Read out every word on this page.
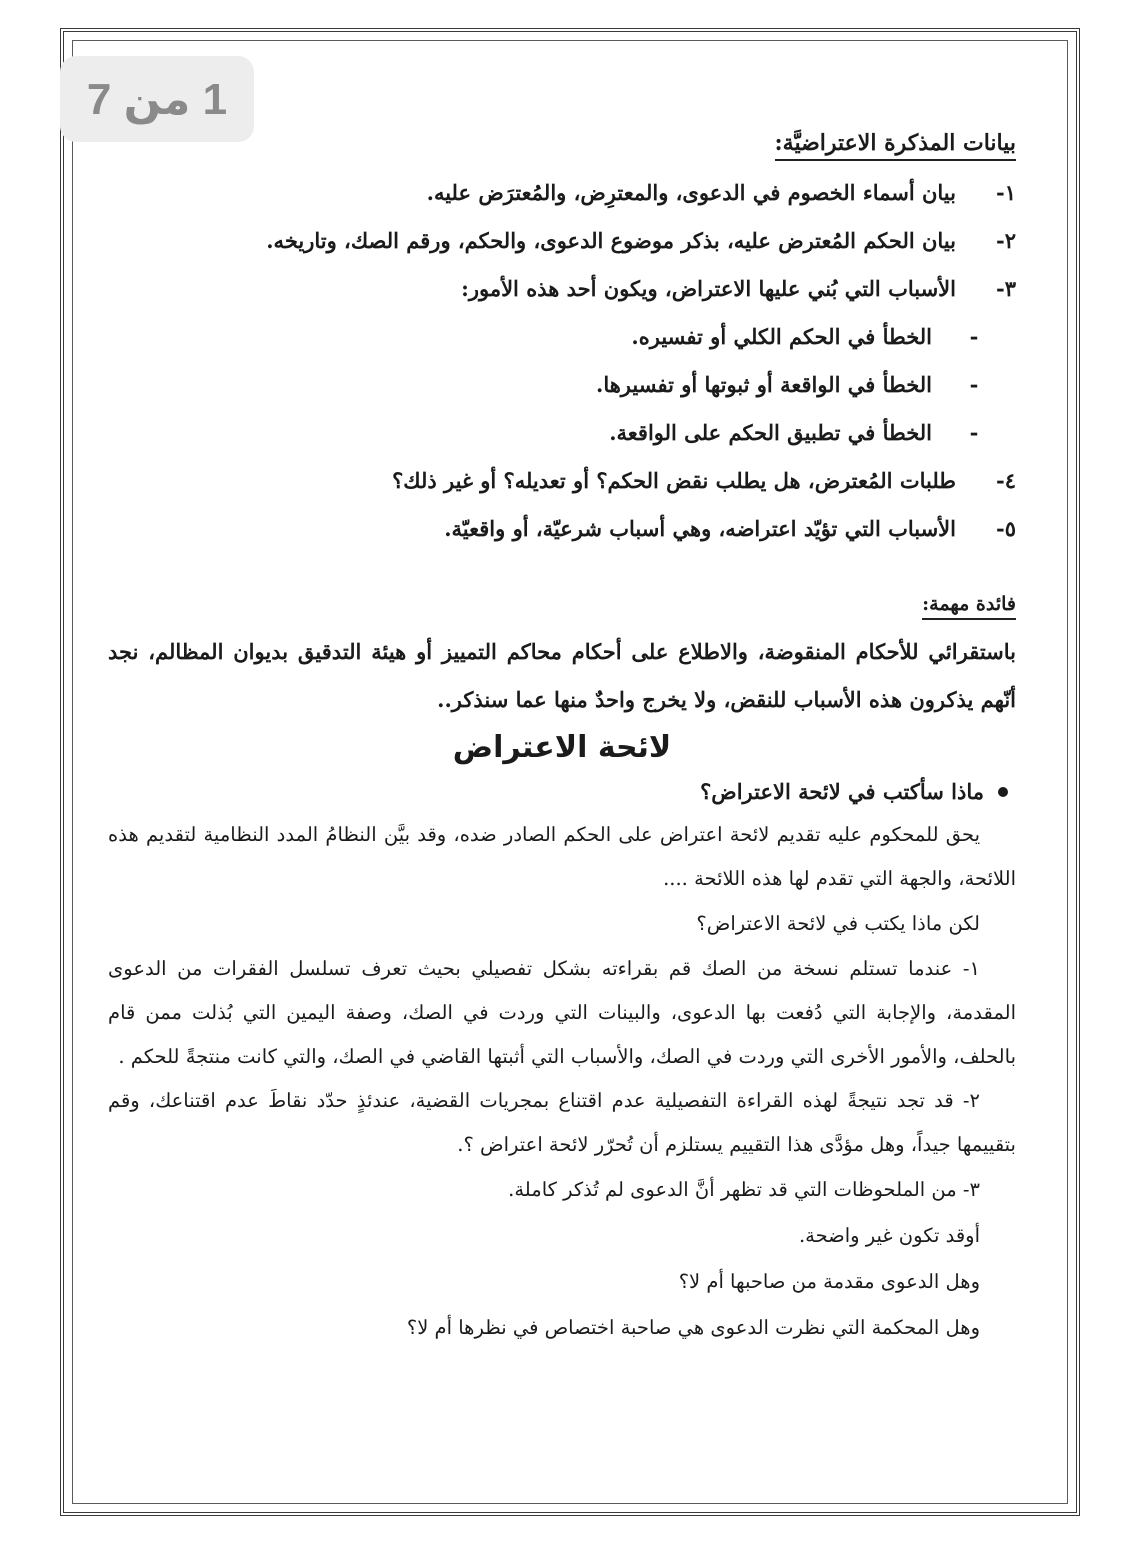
1 من 7
بيانات المذكرة الاعتراضيَّة:
١-
بيان أسماء الخصوم في الدعوى، والمعترِض، والمُعترَض عليه.
٢-
بيان الحكم المُعترض عليه، بذكر موضوع الدعوى، والحكم، ورقم الصك، وتاريخه.
٣-
الأسباب التي بُني عليها الاعتراض، ويكون أحد هذه الأمور:
-
الخطأ في الحكم الكلي أو تفسيره.
-
الخطأ في الواقعة أو ثبوتها أو تفسيرها.
-
الخطأ في تطبيق الحكم على الواقعة.
٤-
طلبات المُعترض، هل يطلب نقض الحكم؟ أو تعديله؟ أو غير ذلك؟
٥-
الأسباب التي تؤيّد اعتراضه، وهي أسباب شرعيّة، أو واقعيّة.
فائدة مهمة:
باستقرائي للأحكام المنقوضة، والاطلاع على أحكام محاكم التمييز أو هيئة التدقيق بديوان المظالم، نجد أنّهم يذكرون هذه الأسباب للنقض، ولا يخرج واحدٌ منها عما سنذكر..
لائحة الاعتراض
ماذا سأكتب في لائحة الاعتراض؟
يحق للمحكوم عليه تقديم لائحة اعتراض على الحكم الصادر ضده، وقد بيَّن النظامُ المدد النظامية لتقديم هذه اللائحة، والجهة التي تقدم لها هذه اللائحة ....
لكن ماذا يكتب في لائحة الاعتراض؟
١- عندما تستلم نسخة من الصك قم بقراءته بشكل تفصيلي بحيث تعرف تسلسل الفقرات من الدعوى المقدمة، والإجابة التي دُفعت بها الدعوى، والبينات التي وردت في الصك، وصفة اليمين التي بُذلت ممن قام بالحلف، والأمور الأخرى التي وردت في الصك، والأسباب التي أثبتها القاضي في الصك، والتي كانت منتجةً للحكم .
٢- قد تجد نتيجةً لهذه القراءة التفصيلية عدم اقتناع بمجريات القضية، عندئذٍ حدّد نقاطَ عدم اقتناعك، وقم بتقييمها جيداً، وهل مؤدَّى هذا التقييم يستلزم أن تُحرّر لائحة اعتراض ؟.
٣- من الملحوظات التي قد تظهر أنَّ الدعوى لم تُذكر كاملة.
أوقد تكون غير واضحة.
وهل الدعوى مقدمة من صاحبها أم لا؟
وهل المحكمة التي نظرت الدعوى هي صاحبة اختصاص في نظرها أم لا؟
